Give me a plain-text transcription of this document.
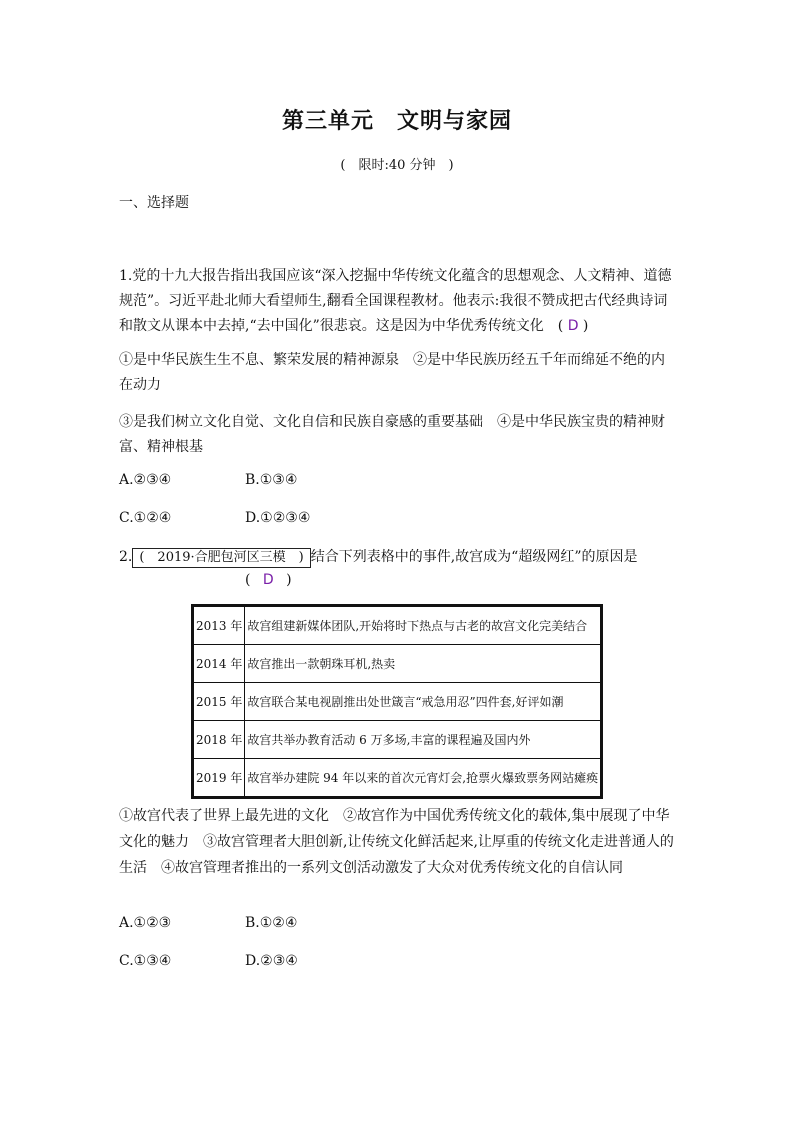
第三单元　文明与家园
(　限时:40 分钟　)
一、选择题
1.党的十九大报告指出我国应该“深入挖掘中华传统文化蕴含的思想观念、人文精神、道德规范”。习近平赴北师大看望师生,翻看全国课程教材。他表示:我很不赞成把古代经典诗词和散文从课本中去掉,“去中国化”很悲哀。这是因为中华优秀传统文化　( D )
①是中华民族生生不息、繁荣发展的精神源泉　②是中华民族历经五千年而绵延不绝的内在动力
③是我们树立文化自觉、文化自信和民族自豪感的重要基础　④是中华民族宝贵的精神财富、精神根基
A.②③④	B.①③④
C.①②④	D.①②③④
2. (　2019·合肥包河区三模　) 结合下列表格中的事件,故宫成为“超级网红”的原因是
( D )
2013 年	故宫组建新媒体团队,开始将时下热点与古老的故宫文化完美结合
2014 年	故宫推出一款朝珠耳机,热卖
2015 年	故宫联合某电视剧推出处世箴言“戒急用忍”四件套,好评如潮
2018 年	故宫共举办教育活动 6 万多场,丰富的课程遍及国内外
2019 年	故宫举办建院 94 年以来的首次元宵灯会,抢票火爆致票务网站瘫痪
①故宫代表了世界上最先进的文化　②故宫作为中国优秀传统文化的载体,集中展现了中华文化的魅力　③故宫管理者大胆创新,让传统文化鲜活起来,让厚重的传统文化走进普通人的生活　④故宫管理者推出的一系列文创活动激发了大众对优秀传统文化的自信认同
A.①②③	B.①②④
C.①③④	D.②③④
